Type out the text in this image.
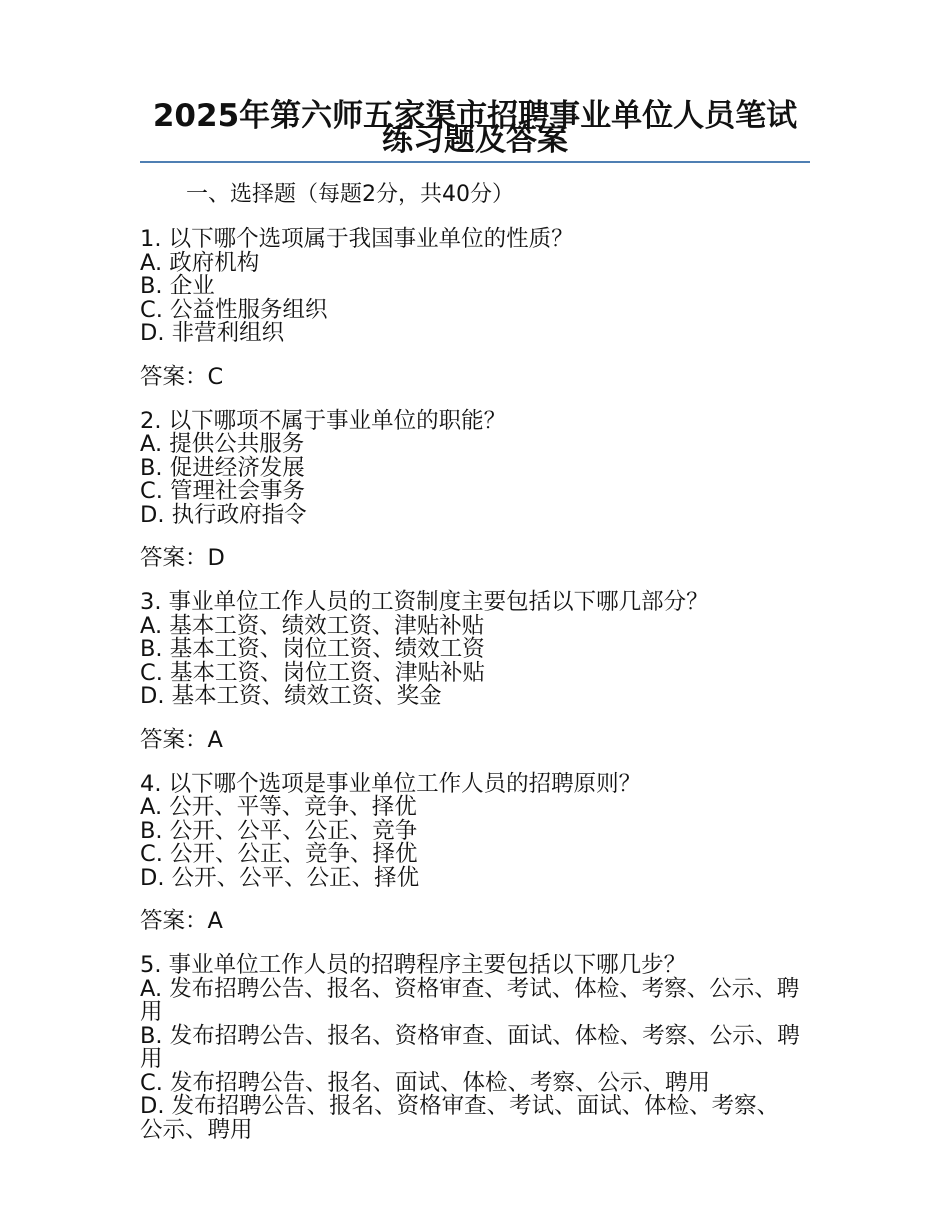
2025年第六师五家渠市招聘事业单位人员笔试练习题及答案

一、选择题（每题2分，共40分）

1. 以下哪个选项属于我国事业单位的性质？

A. 政府机构

B. 企业

C. 公益性服务组织

D. 非营利组织

答案：C

2. 以下哪项不属于事业单位的职能？

A. 提供公共服务

B. 促进经济发展

C. 管理社会事务

D. 执行政府指令

答案：D

3. 事业单位工作人员的工资制度主要包括以下哪几部分？

A. 基本工资、绩效工资、津贴补贴

B. 基本工资、岗位工资、绩效工资

C. 基本工资、岗位工资、津贴补贴

D. 基本工资、绩效工资、奖金

答案：A

4. 以下哪个选项是事业单位工作人员的招聘原则？

A. 公开、平等、竞争、择优

B. 公开、公平、公正、竞争

C. 公开、公正、竞争、择优

D. 公开、公平、公正、择优

答案：A

5. 事业单位工作人员的招聘程序主要包括以下哪几步？

A. 发布招聘公告、报名、资格审查、考试、体检、考察、公示、聘用

B. 发布招聘公告、报名、资格审查、面试、体检、考察、公示、聘用

C. 发布招聘公告、报名、面试、体检、考察、公示、聘用

D. 发布招聘公告、报名、资格审查、考试、面试、体检、考察、公示、聘用
